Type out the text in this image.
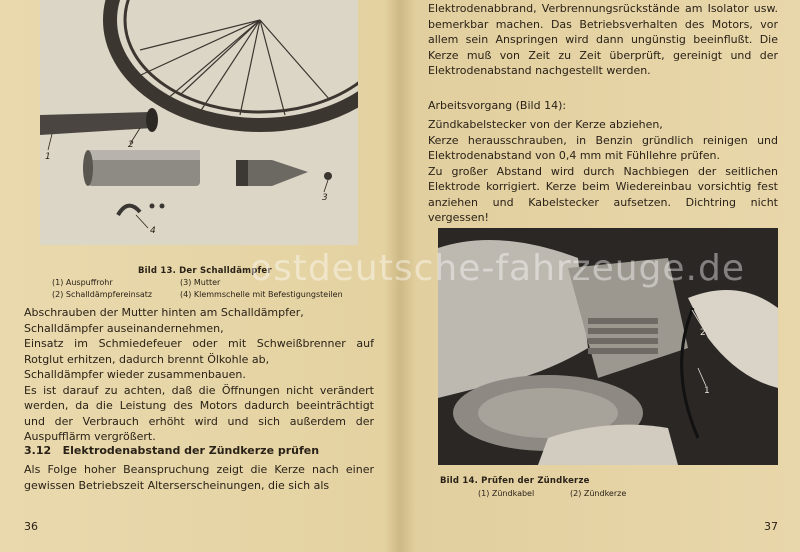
1
2
3
4
Bild 13. Der Schalldämpfer
(1) Auspuffrohr	(3) Mutter
(2) Schalldämpfereinsatz	(4) Klemmschelle mit Befestigungsteilen

Abschrauben der Mutter hinten am Schalldämpfer,

Schalldämpfer auseinandernehmen,

Einsatz im Schmiedefeuer oder mit Schweißbrenner auf Rotglut erhitzen, dadurch brennt Ölkohle ab,

Schalldämpfer wieder zusammenbauen.

Es ist darauf zu achten, daß die Öffnungen nicht verändert werden, da die Leistung des Motors dadurch beeinträchtigt und der Verbrauch erhöht wird und sich außerdem der Auspufflärm vergrößert.

3.12   Elektrodenabstand der Zündkerze prüfen
Als Folge hoher Beanspruchung zeigt die Kerze nach einer gewissen Betriebszeit Alterserscheinungen, die sich als
36
Elektrodenabbrand, Verbrennungsrückstände am Isolator usw. bemerkbar machen. Das Betriebsverhalten des Motors, vor allem sein Anspringen wird dann ungünstig beeinflußt. Die Kerze muß von Zeit zu Zeit überprüft, gereinigt und der Elektrodenabstand nachgestellt werden.
Arbeitsvorgang (Bild 14):

Zündkabelstecker von der Kerze abziehen,

Kerze herausschrauben, in Benzin gründlich reinigen und Elektrodenabstand von 0,4 mm mit Fühllehre prüfen.

Zu großer Abstand wird durch Nachbiegen der seitlichen Elektrode korrigiert. Kerze beim Wiedereinbau vorsichtig fest anziehen und Kabelstecker aufsetzen. Dichtring nicht vergessen!

2
1
Bild 14. Prüfen der Zündkerze
(1) Zündkabel	(2) Zündkerze
37
ostdeutsche-fahrzeuge.de
